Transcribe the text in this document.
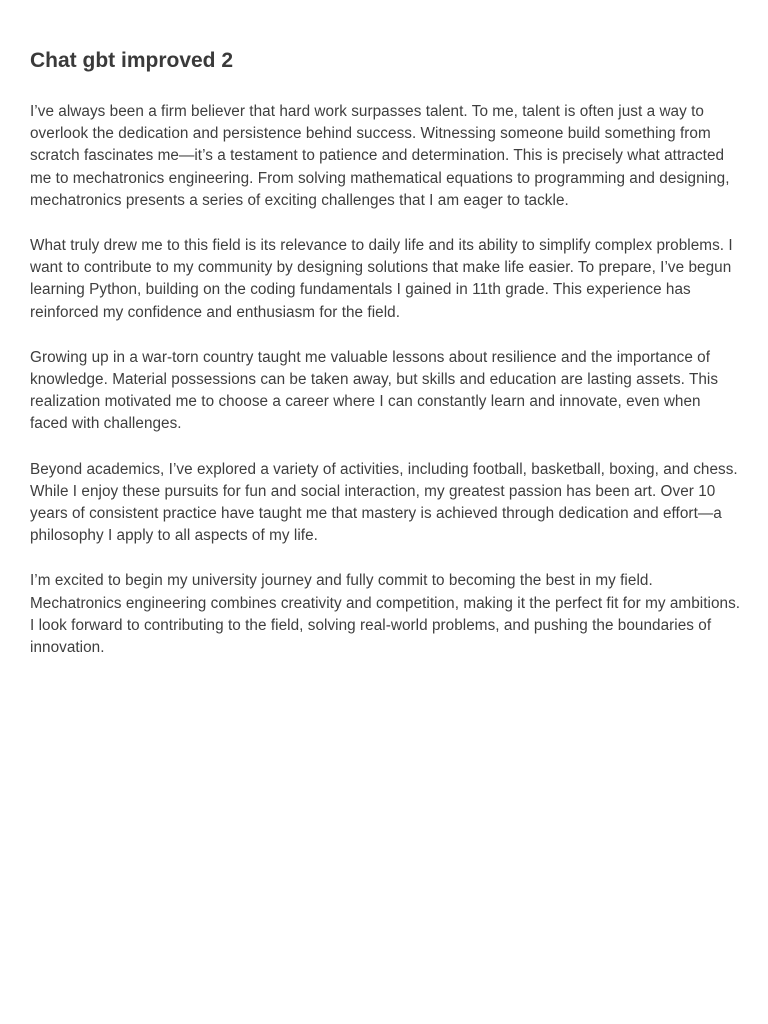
Chat gbt improved 2

I’ve always been a firm believer that hard work surpasses talent. To me, talent is often just a way to overlook the dedication and persistence behind success. Witnessing someone build something from scratch fascinates me—it’s a testament to patience and determination. This is precisely what attracted me to mechatronics engineering. From solving mathematical equations to programming and designing, mechatronics presents a series of exciting challenges that I am eager to tackle.

What truly drew me to this field is its relevance to daily life and its ability to simplify complex problems. I want to contribute to my community by designing solutions that make life easier. To prepare, I’ve begun learning Python, building on the coding fundamentals I gained in 11th grade. This experience has reinforced my confidence and enthusiasm for the field.

Growing up in a war-torn country taught me valuable lessons about resilience and the importance of knowledge. Material possessions can be taken away, but skills and education are lasting assets. This realization motivated me to choose a career where I can constantly learn and innovate, even when faced with challenges.

Beyond academics, I’ve explored a variety of activities, including football, basketball, boxing, and chess. While I enjoy these pursuits for fun and social interaction, my greatest passion has been art. Over 10 years of consistent practice have taught me that mastery is achieved through dedication and effort—a philosophy I apply to all aspects of my life.

I’m excited to begin my university journey and fully commit to becoming the best in my field. Mechatronics engineering combines creativity and competition, making it the perfect fit for my ambitions. I look forward to contributing to the field, solving real-world problems, and pushing the boundaries of innovation.
